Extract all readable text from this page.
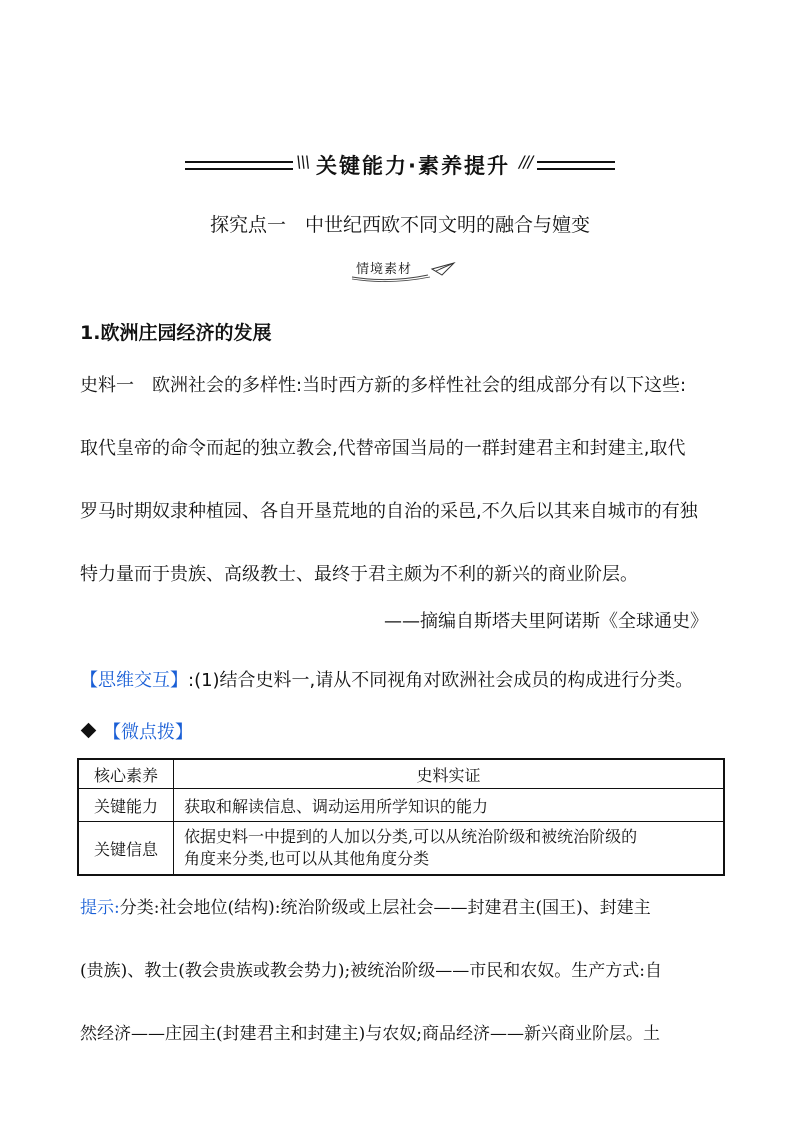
\\\ 关键能力·素养提升 ///
探究点一　中世纪西欧不同文明的融合与嬗变
情境素材
1.欧洲庄园经济的发展
史料一　欧洲社会的多样性:当时西方新的多样性社会的组成部分有以下这些:
取代皇帝的命令而起的独立教会,代替帝国当局的一群封建君主和封建主,取代
罗马时期奴隶种植园、各自开垦荒地的自治的采邑,不久后以其来自城市的有独
特力量而于贵族、高级教士、最终于君主颇为不利的新兴的商业阶层。
——摘编自斯塔夫里阿诺斯《全球通史》
【思维交互】:(1)结合史料一,请从不同视角对欧洲社会成员的构成进行分类。
【微点拨】
核心素养	史料实证
关键能力	获取和解读信息、调动运用所学知识的能力
关键信息	依据史料一中提到的人加以分类,可以从统治阶级和被统治阶级的
角度来分类,也可以从其他角度分类
提示:分类:社会地位(结构):统治阶级或上层社会——封建君主(国王)、封建主
(贵族)、教士(教会贵族或教会势力);被统治阶级——市民和农奴。生产方式:自
然经济——庄园主(封建君主和封建主)与农奴;商品经济——新兴商业阶层。土
